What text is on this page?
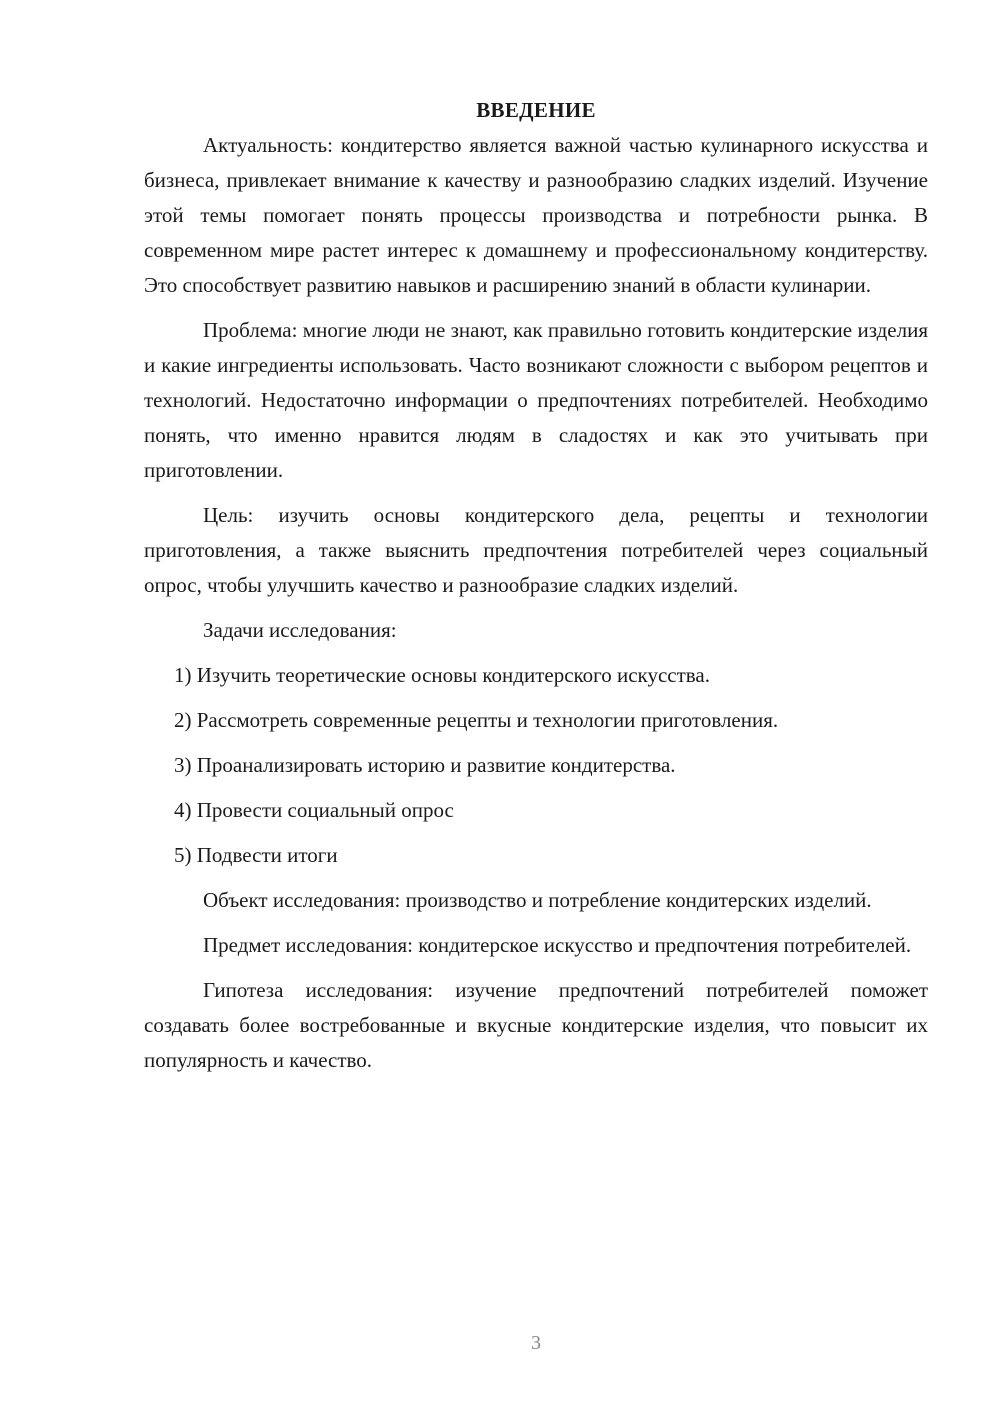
ВВЕДЕНИЕ

Актуальность: кондитерство является важной частью кулинарного искусства и бизнеса, привлекает внимание к качеству и разнообразию сладких изделий. Изучение этой темы помогает понять процессы производства и потребности рынка. В современном мире растет интерес к домашнему и профессиональному кондитерству. Это способствует развитию навыков и расширению знаний в области кулинарии.

Проблема: многие люди не знают, как правильно готовить кондитерские изделия и какие ингредиенты использовать. Часто возникают сложности с выбором рецептов и технологий. Недостаточно информации о предпочтениях потребителей. Необходимо понять, что именно нравится людям в сладостях и как это учитывать при приготовлении.

Цель: изучить основы кондитерского дела, рецепты и технологии приготовления, а также выяснить предпочтения потребителей через социальный опрос, чтобы улучшить качество и разнообразие сладких изделий.

Задачи исследования:
1) Изучить теоретические основы кондитерского искусства.
2) Рассмотреть современные рецепты и технологии приготовления.
3) Проанализировать историю и развитие кондитерства.
4) Провести социальный опрос
5) Подвести итоги

Объект исследования: производство и потребление кондитерских изделий.

Предмет исследования: кондитерское искусство и предпочтения потребителей.

Гипотеза исследования: изучение предпочтений потребителей поможет создавать более востребованные и вкусные кондитерские изделия, что повысит их популярность и качество.

3
